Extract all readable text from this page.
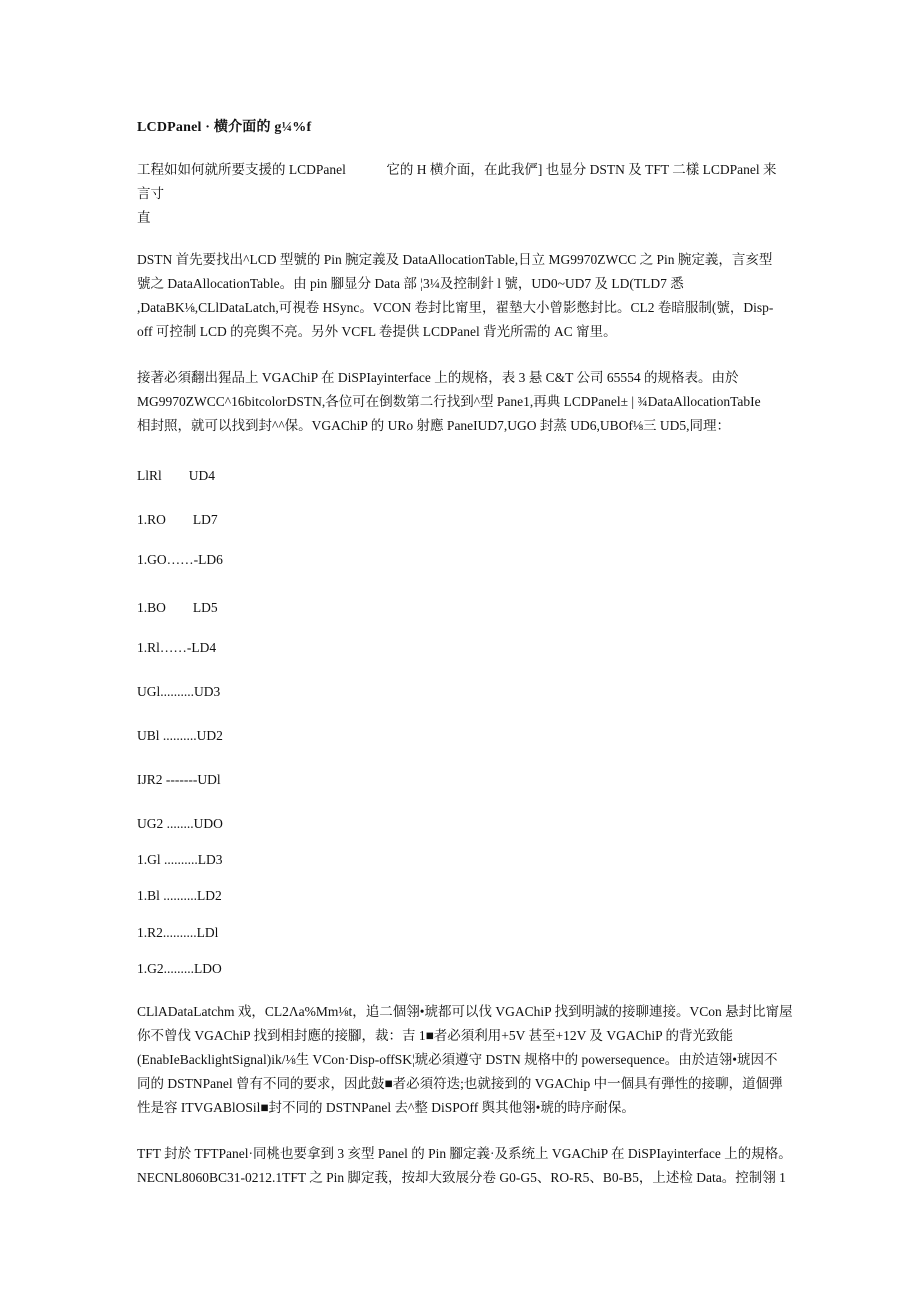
LCDPanel · 横介面的 g¼%f
工程如如何就所要支援的 LCDPanel　　　它的 H 横介面，在此我俨] 也显分 DSTN 及 TFT 二樣 LCDPanel 来
言寸
直
DSTN 首先要找出^LCD 型號的 Pin 腕定義及 DataAllocationTable,日立 MG9970ZWCC 之 Pin 腕定義，言亥型
號之 DataAllocationTable。由 pin 腳显分 Data 部 ¦3¼及控制針 l 號，UD0~UD7 及 LD(TLD7 悉
,DataBK⅛,CLlDataLatch,可視卷 HSync。VCON 卷封比甯里，翟墊大小曾影憋封比。CL2 卷暗服制(號，Disp-
off 可控制 LCD 的亮舆不亮。另外 VCFL 卷提供 LCDPanel 背光所需的 AC 甯里。
接著必須翻出猩品上 VGAChiP 在 DiSPIayinterface 上的规格，表 3 悬 C&T 公司 65554 的规格表。由於
MG9970ZWCC^16bitcolorDSTN,各位可在倒数第二行找到^型 Pane1,再典 LCDPanel± | ¾DataAllocationTabIe
相封照，就可以找到封^^保。VGAChiP 的 URo 射應 PaneIUD7,UGO 封蒸 UD6,UBOf⅛三 UD5,同理：
LlRl　　UD4
1.RO　　LD7
1.GO……-LD6
1.BO　　LD5
1.Rl……-LD4
UGl..........UD3
UBl ..........UD2
IJR2 -------UDl
UG2 ........UDO
1.Gl ..........LD3
1.Bl ..........LD2
1.R2..........LDl
1.G2.........LDO
CLlADataLatchm 戏，CL2Λa%Mm⅛t，追二個翎•琥都可以伐 VGAChiP 找到明誠的接聊連接。VCon 悬封比甯屋
你不曾伐 VGAChiP 找到相封應的接腳，裁：吉 1■者必須利用+5V 甚至+12V 及 VGAChiP 的背光致能
(EnabIeBacklightSignal)ik/⅛生 VCon·Disp-offSK¦琥必須遵守 DSTN 规格中的 powersequence。由於迼翎•琥因不
同的 DSTNPanel 曾有不同的要求，因此鼓■者必須符迭;也就接到的 VGAChip 中一個具有弾性的接聊，道個弾
性是容 ITVGABlOSil■封不同的 DSTNPanel 去^整 DiSPOff 舆其他翎•琥的時序耐保。
TFT 封於 TFTPanel·同桃也要拿到 3 亥型 Panel 的 Pin 腳定義·及系统上 VGAChiP 在 DiSPIayinterface 上的規格。
NECNL8060BC31-0212.1TFT 之 Pin 脚定莪，按却大致展分卷 G0-G5、RO-R5、B0-B5，上述检 Data。控制翎 1
